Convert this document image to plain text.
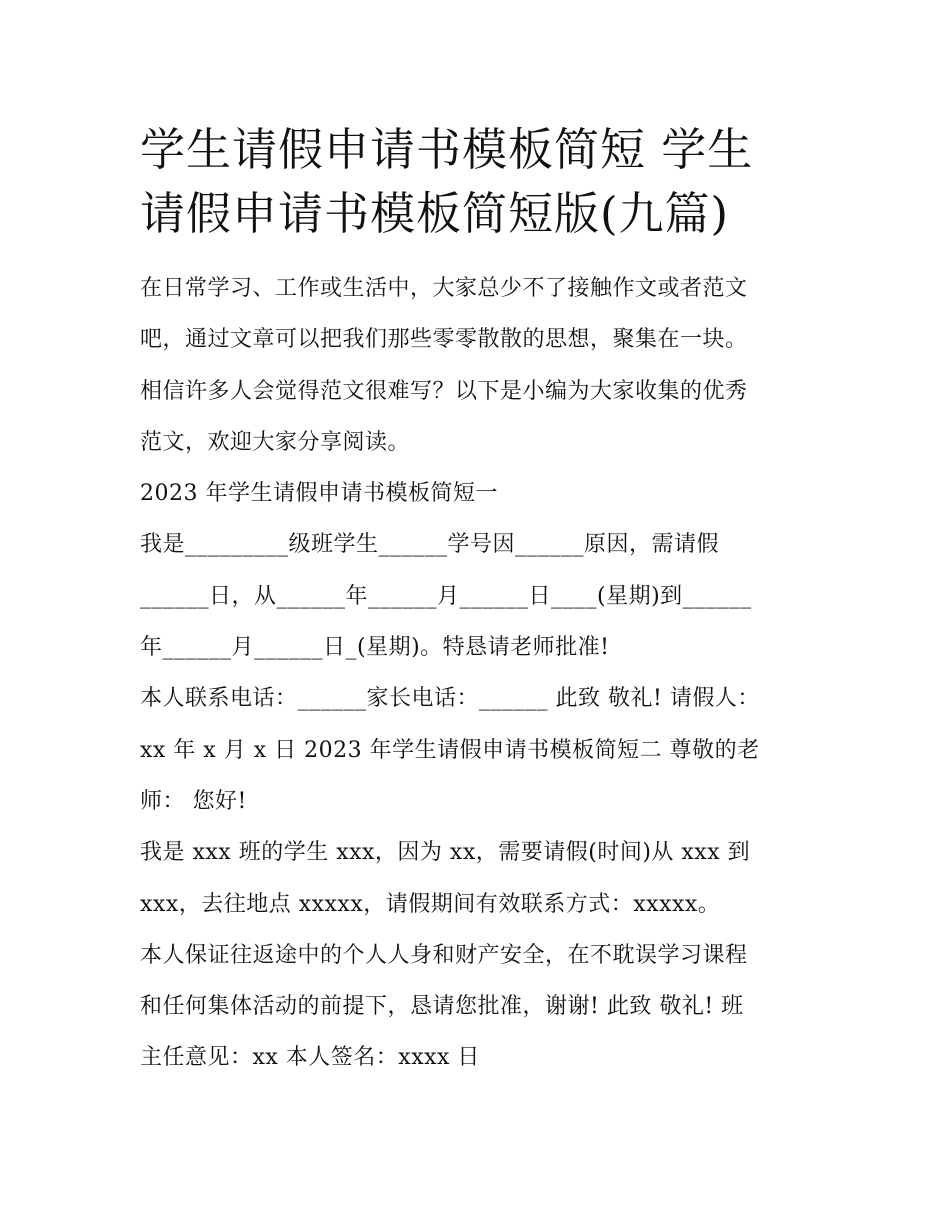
学生请假申请书模板简短 学生
请假申请书模板简短版(九篇)
在日常学习、工作或生活中，大家总少不了接触作文或者范文
吧，通过文章可以把我们那些零零散散的思想，聚集在一块。
相信许多人会觉得范文很难写？以下是小编为大家收集的优秀
范文，欢迎大家分享阅读。
2023 年学生请假申请书模板简短一
我是_________级班学生______学号因______原因，需请假
______日，从______年______月______日____(星期)到______
年______月______日_(星期)。特恳请老师批准!
本人联系电话：______家长电话：______ 此致 敬礼! 请假人：
xx 年 x 月 x 日 2023 年学生请假申请书模板简短二 尊敬的老
师： 您好!
我是 xxx 班的学生 xxx，因为 xx，需要请假(时间)从 xxx 到
xxx，去往地点 xxxxx，请假期间有效联系方式：xxxxx。
本人保证往返途中的个人人身和财产安全，在不耽误学习课程
和任何集体活动的前提下，恳请您批准，谢谢! 此致 敬礼! 班
主任意见：xx 本人签名：xxxx 日
